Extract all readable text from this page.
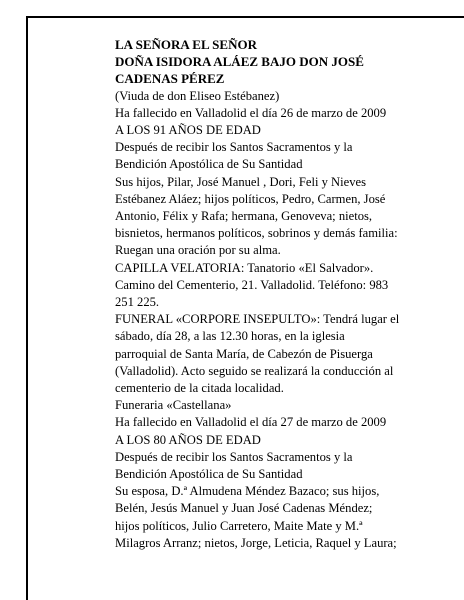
LA SEÑORA EL SEÑOR
DOÑA ISIDORA ALÁEZ BAJO DON JOSÉ
CADENAS PÉREZ
(Viuda de don Eliseo Estébanez)
Ha fallecido en Valladolid el día 26 de marzo de 2009
A LOS 91 AÑOS DE EDAD
Después de recibir los Santos Sacramentos y la
Bendición Apostólica de Su Santidad
Sus hijos, Pilar, José Manuel , Dori, Feli y Nieves
Estébanez Aláez; hijos políticos, Pedro, Carmen, José
Antonio, Félix y Rafa; hermana, Genoveva; nietos,
bisnietos, hermanos políticos, sobrinos y demás familia:
Ruegan una oración por su alma.
CAPILLA VELATORIA: Tanatorio «El Salvador».
Camino del Cementerio, 21. Valladolid. Teléfono: 983
251 225.
FUNERAL «CORPORE INSEPULTO»: Tendrá lugar el
sábado, día 28, a las 12.30 horas, en la iglesia
parroquial de Santa María, de Cabezón de Pisuerga
(Valladolid). Acto seguido se realizará la conducción al
cementerio de la citada localidad.
Funeraria «Castellana»
Ha fallecido en Valladolid el día 27 de marzo de 2009
A LOS 80 AÑOS DE EDAD
Después de recibir los Santos Sacramentos y la
Bendición Apostólica de Su Santidad
Su esposa, D.ª Almudena Méndez Bazaco; sus hijos,
Belén, Jesús Manuel y Juan José Cadenas Méndez;
hijos políticos, Julio Carretero, Maite Mate y M.ª
Milagros Arranz; nietos, Jorge, Leticia, Raquel y Laura;
